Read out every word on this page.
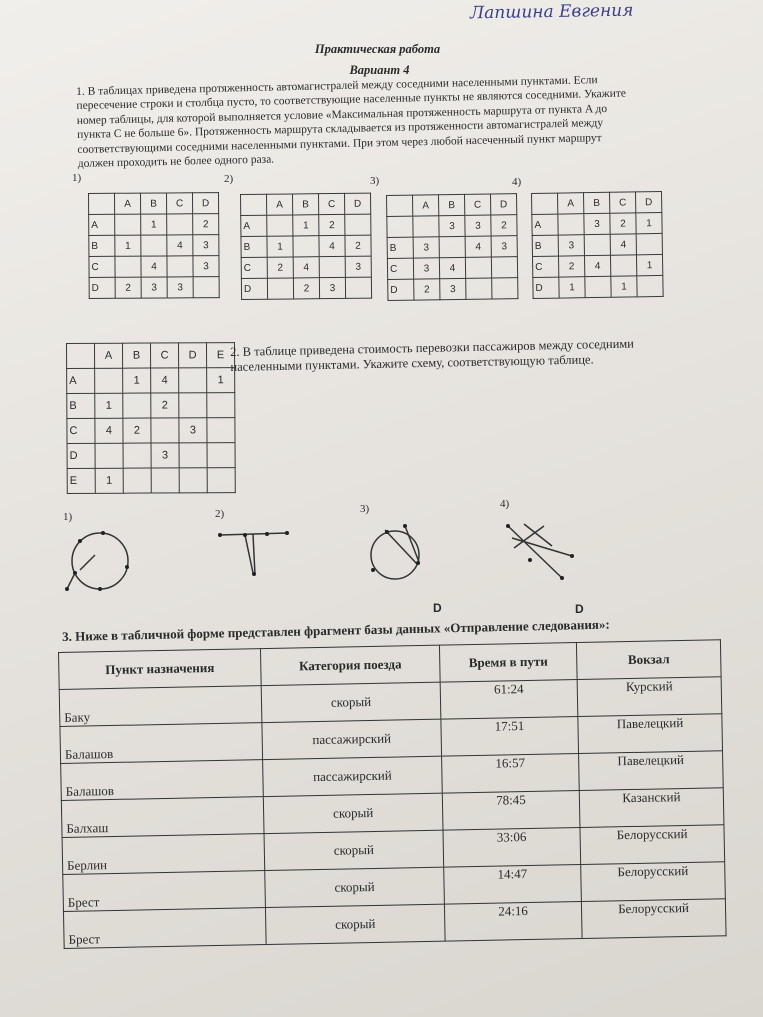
Лапшина Евгения
Практическая работа
Вариант 4
1. В таблицах приведена протяженность автомагистралей между соседними населенными пунктами. Если пересечение строки и столбца пусто, то соответствующие населенные пункты не являются соседними. Укажите номер таблицы, для которой выполняется условие «Максимальная протяженность маршрута от пункта A до пункта C не больше 6». Протяженность маршрута складывается из протяженности автомагистралей между соответствующими соседними населенными пунктами. При этом через любой насеченный пункт маршрут должен проходить не более одного раза.
1)
	A	B	C	D
A		1		2
B	1		4	3
C		4		3
D	2	3	3	
2)
	A	B	C	D
A		1	2	
B	1		4	2
C	2	4		3
D		2	3	
3)
	A	B	C	D
		3	3	2
B	3		4	3
C	3	4		
D	2	3		
4)
	A	B	C	D
A		3	2	1
B	3		4	
C	2	4		1
D	1		1	
	A	B	C	D	E
A		1	4		1
B	1		2		
C	4	2		3	
D			3		
E	1				
2. В таблице приведена стоимость перевозки пассажиров между соседними населенными пунктами. Укажите схему, соответствующую таблице.
1)	2)	3)	4)
D	D
3. Ниже в табличной форме представлен фрагмент базы данных «Отправление следования»:
Пункт назначения	Категория поезда	Время в пути	Вокзал
Баку	скорый	61:24	Курский
Балашов	пассажирский	17:51	Павелецкий
Балашов	пассажирский	16:57	Павелецкий
Балхаш	скорый	78:45	Казанский
Берлин	скорый	33:06	Белорусский
Брест	скорый	14:47	Белорусский
Брест	скорый	24:16	Белорусский
